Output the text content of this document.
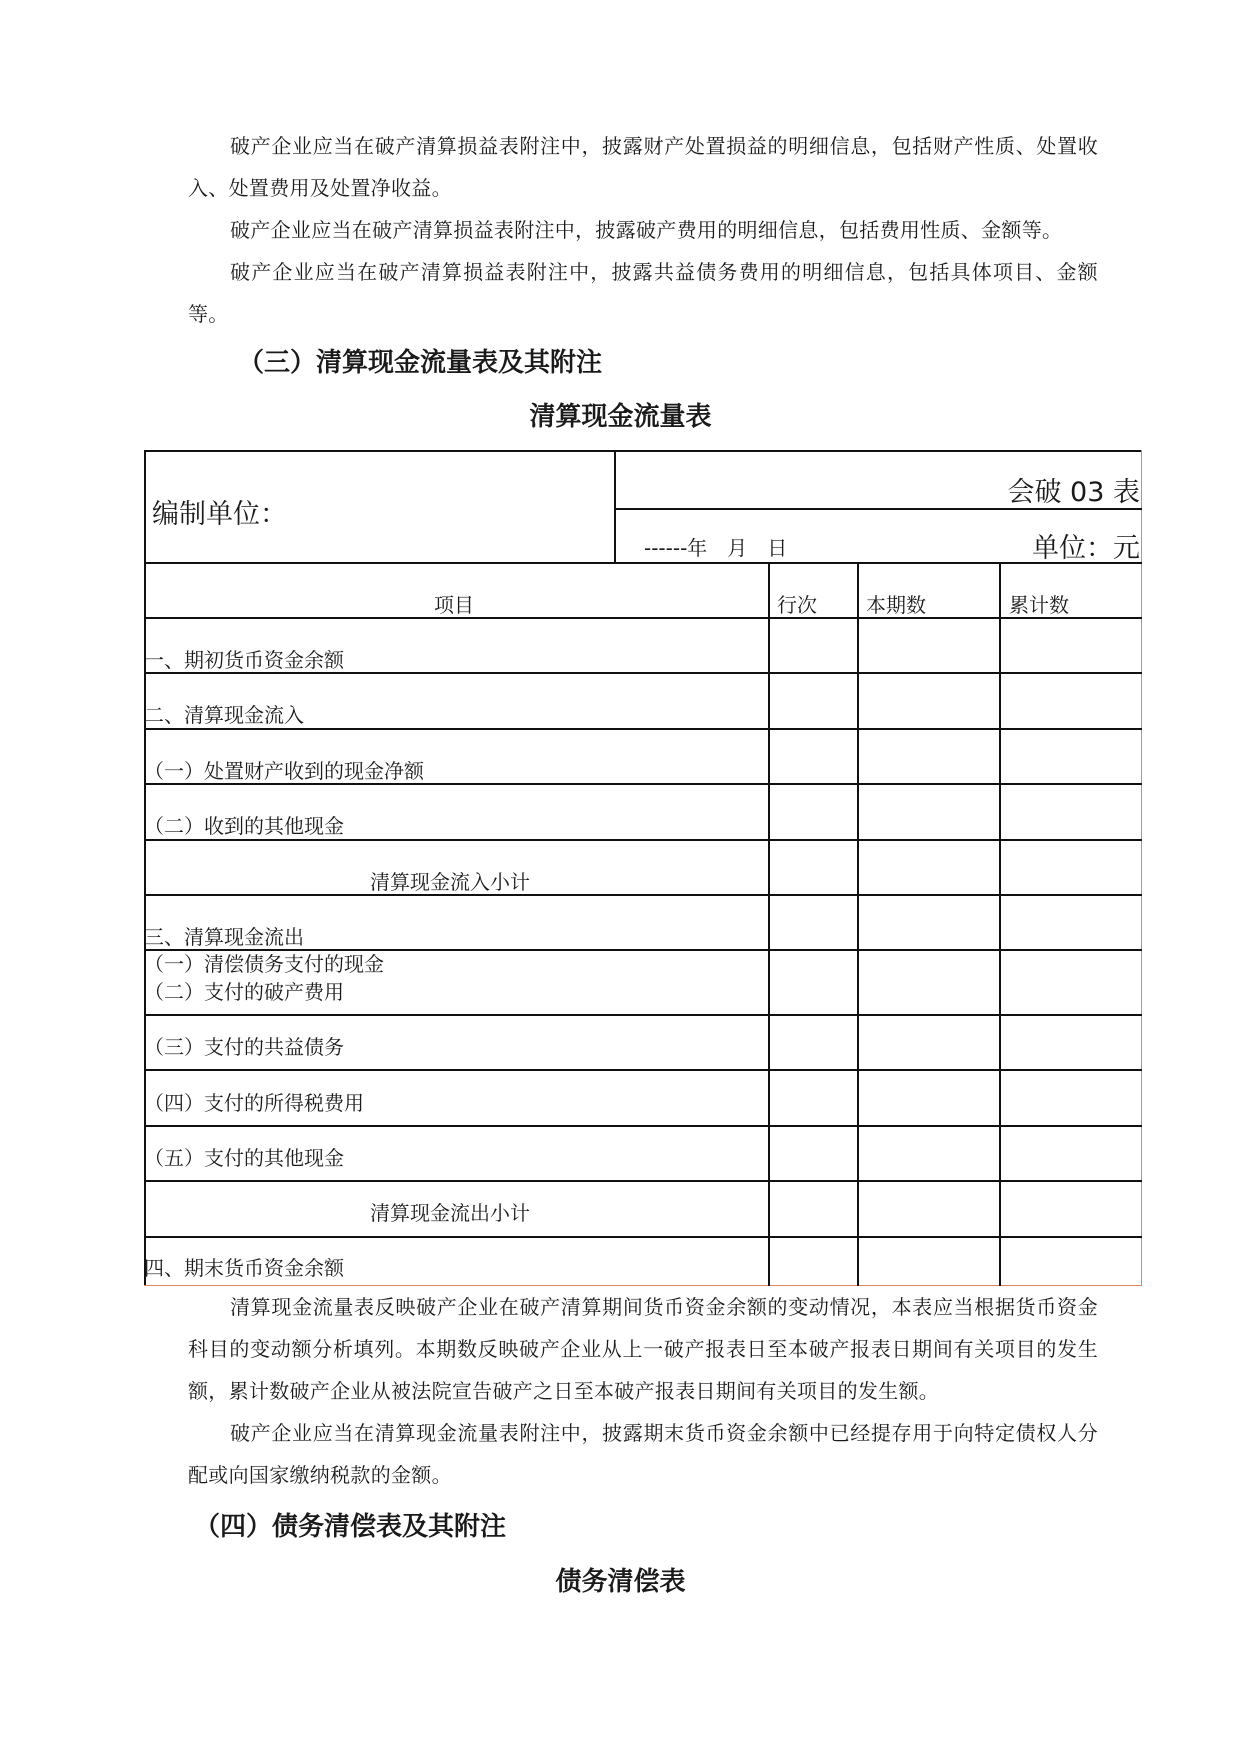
破产企业应当在破产清算损益表附注中，披露财产处置损益的明细信息，包括财产性质、处置收入、处置费用及处置净收益。

破产企业应当在破产清算损益表附注中，披露破产费用的明细信息，包括费用性质、金额等。

破产企业应当在破产清算损益表附注中，披露共益债务费用的明细信息，包括具体项目、金额等。

（三）清算现金流量表及其附注
清算现金流量表
编制单位：
会破 03 表
------年　月　日	单位：元
项目	行次 本期数	累计数
一、期初货币资金余额
二、清算现金流入
（一）处置财产收到的现金净额
（二）收到的其他现金
清算现金流入小计
三、清算现金流出
（一）清偿债务支付的现金
（二）支付的破产费用
（三）支付的共益债务
（四）支付的所得税费用
（五）支付的其他现金
清算现金流出小计
四、期末货币资金余额

清算现金流量表反映破产企业在破产清算期间货币资金余额的变动情况，本表应当根据货币资金科目的变动额分析填列。本期数反映破产企业从上一破产报表日至本破产报表日期间有关项目的发生额，累计数破产企业从被法院宣告破产之日至本破产报表日期间有关项目的发生额。

破产企业应当在清算现金流量表附注中，披露期末货币资金余额中已经提存用于向特定债权人分配或向国家缴纳税款的金额。

（四）债务清偿表及其附注
债务清偿表
